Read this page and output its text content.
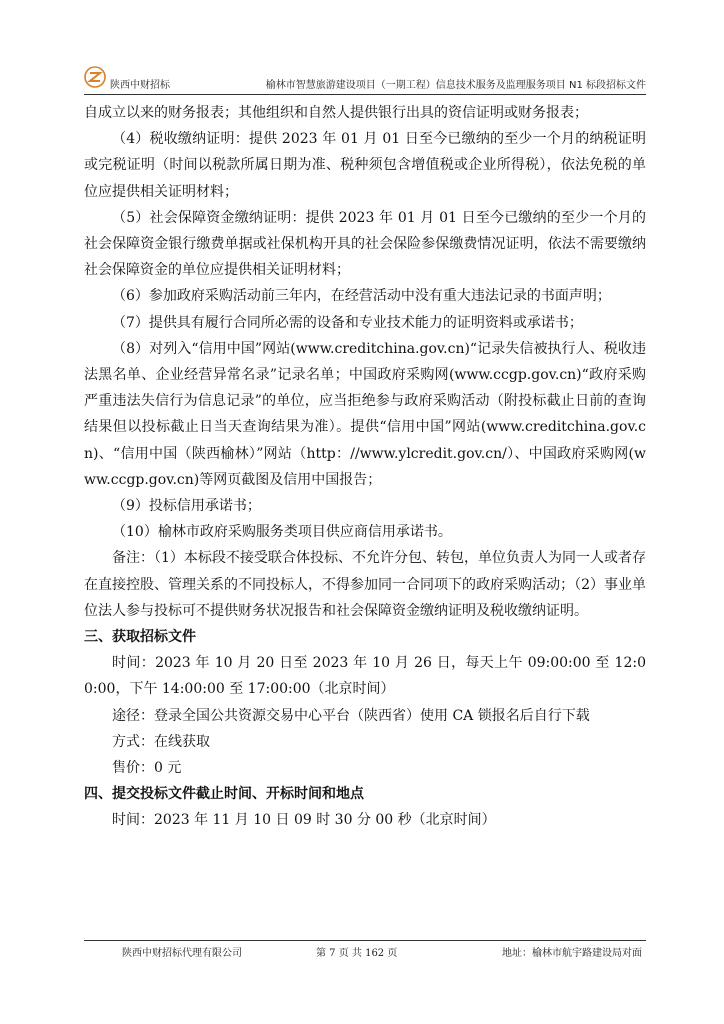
陕西中财招标	榆林市智慧旅游建设项目（一期工程）信息技术服务及监理服务项目 N1 标段招标文件

自成立以来的财务报表；其他组织和自然人提供银行出具的资信证明或财务报表；

（4）税收缴纳证明：提供 2023 年 01 月 01 日至今已缴纳的至少一个月的纳税证明或完税证明（时间以税款所属日期为准、税种须包含增值税或企业所得税），依法免税的单位应提供相关证明材料；

（5）社会保障资金缴纳证明：提供 2023 年 01 月 01 日至今已缴纳的至少一个月的社会保障资金银行缴费单据或社保机构开具的社会保险参保缴费情况证明，依法不需要缴纳社会保障资金的单位应提供相关证明材料；

（6）参加政府采购活动前三年内，在经营活动中没有重大违法记录的书面声明；

（7）提供具有履行合同所必需的设备和专业技术能力的证明资料或承诺书；

（8）对列入“信用中国”网站(www.creditchina.gov.cn)“记录失信被执行人、税收违法黑名单、企业经营异常名录”记录名单；中国政府采购网(www.ccgp.gov.cn)“政府采购严重违法失信行为信息记录”的单位，应当拒绝参与政府采购活动（附投标截止日前的查询结果但以投标截止日当天查询结果为准）。提供“信用中国”网站(www.creditchina.gov.cn)、“信用中国（陕西榆林）”网站（http：//www.ylcredit.gov.cn/）、中国政府采购网(www.ccgp.gov.cn)等网页截图及信用中国报告；

（9）投标信用承诺书；

（10）榆林市政府采购服务类项目供应商信用承诺书。

备注：（1）本标段不接受联合体投标、不允许分包、转包，单位负责人为同一人或者存在直接控股、管理关系的不同投标人，不得参加同一合同项下的政府采购活动；（2）事业单位法人参与投标可不提供财务状况报告和社会保障资金缴纳证明及税收缴纳证明。

三、获取招标文件

时间：2023 年 10 月 20 日至 2023 年 10 月 26 日，每天上午 09:00:00 至 12:00:00，下午 14:00:00 至 17:00:00（北京时间）

途径：登录全国公共资源交易中心平台（陕西省）使用 CA 锁报名后自行下载

方式：在线获取

售价：0 元

四、提交投标文件截止时间、开标时间和地点

时间：2023 年 11 月 10 日 09 时 30 分 00 秒（北京时间）

陕西中财招标代理有限公司	第 7 页 共 162 页	地址：榆林市航宇路建设局对面
